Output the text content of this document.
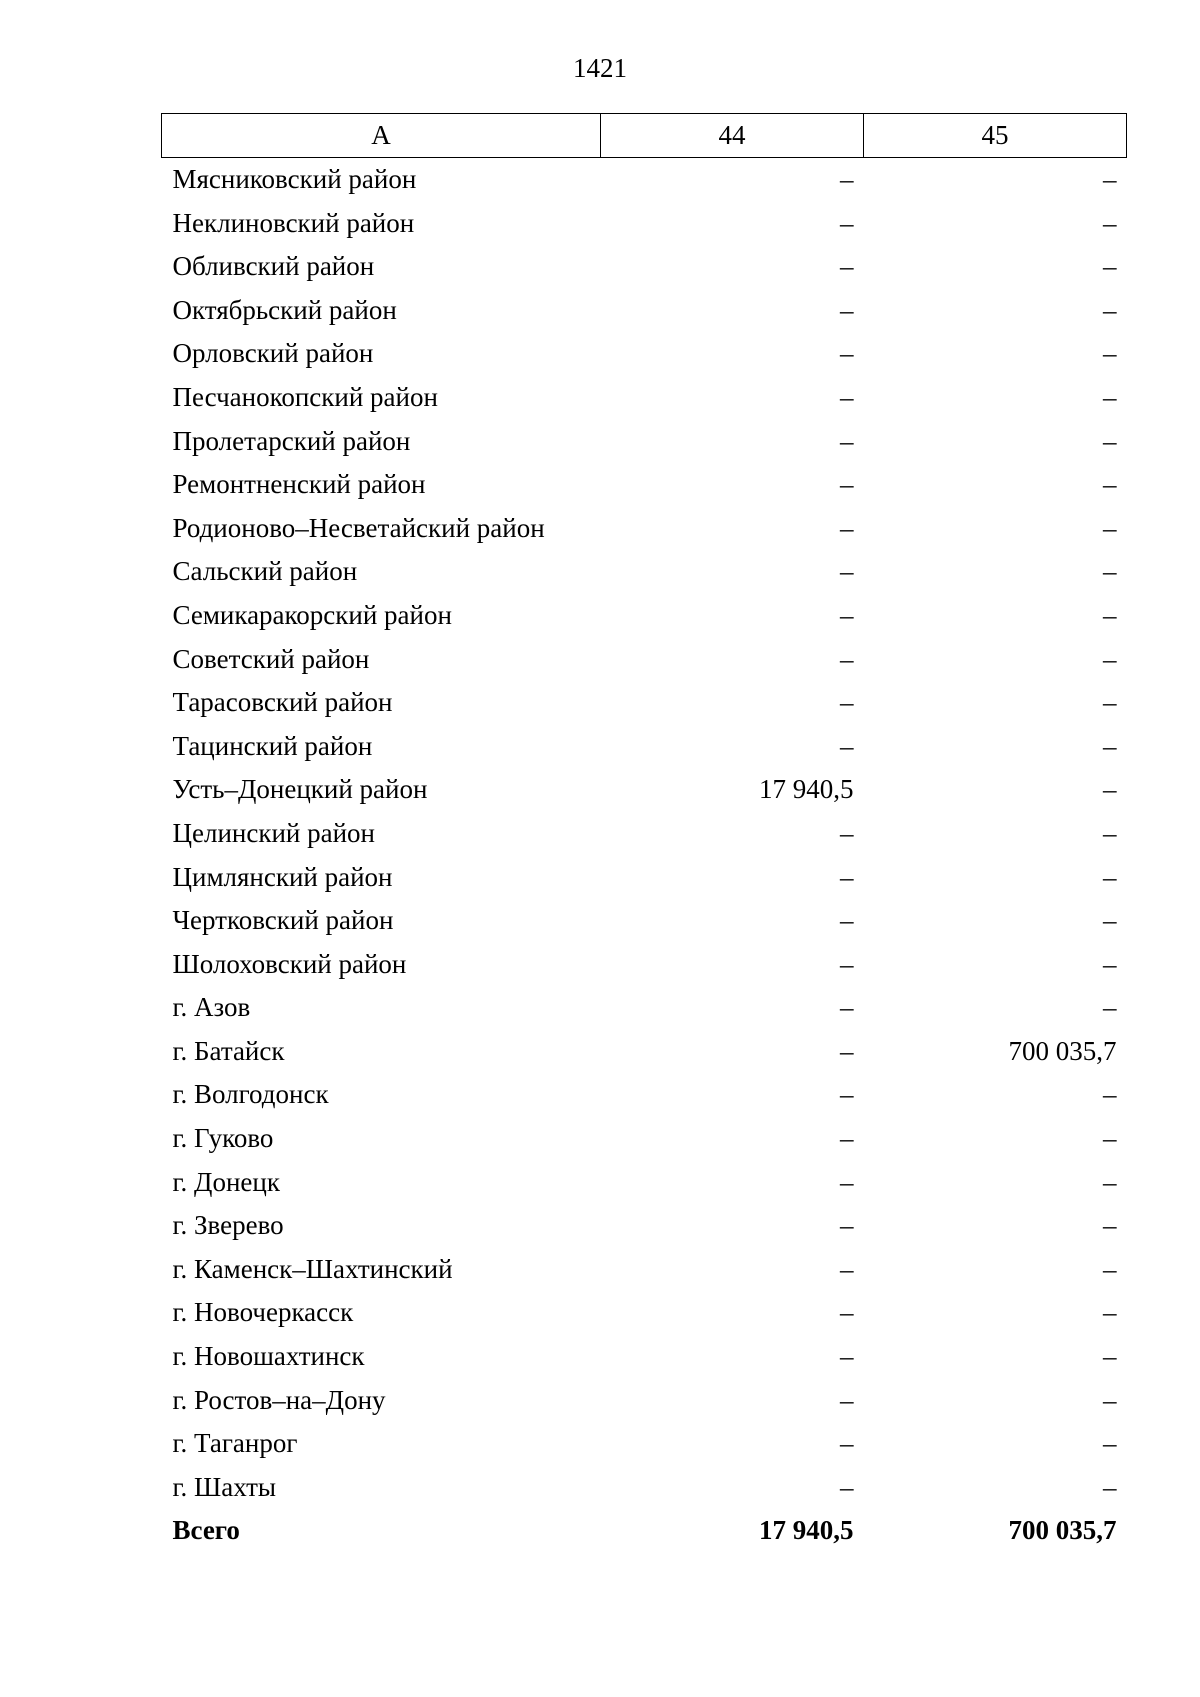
1421
А	44	45
Мясниковский район	–	–
Неклиновский район	–	–
Обливский район	–	–
Октябрьский район	–	–
Орловский район	–	–
Песчанокопский район	–	–
Пролетарский район	–	–
Ремонтненский район	–	–
Родионово–Несветайский район	–	–
Сальский район	–	–
Семикаракорский район	–	–
Советский район	–	–
Тарасовский район	–	–
Тацинский район	–	–
Усть–Донецкий район	17 940,5	–
Целинский район	–	–
Цимлянский район	–	–
Чертковский район	–	–
Шолоховский район	–	–
г. Азов	–	–
г. Батайск	–	700 035,7
г. Волгодонск	–	–
г. Гуково	–	–
г. Донецк	–	–
г. Зверево	–	–
г. Каменск–Шахтинский	–	–
г. Новочеркасск	–	–
г. Новошахтинск	–	–
г. Ростов–на–Дону	–	–
г. Таганрог	–	–
г. Шахты	–	–
Всего	17 940,5	700 035,7
